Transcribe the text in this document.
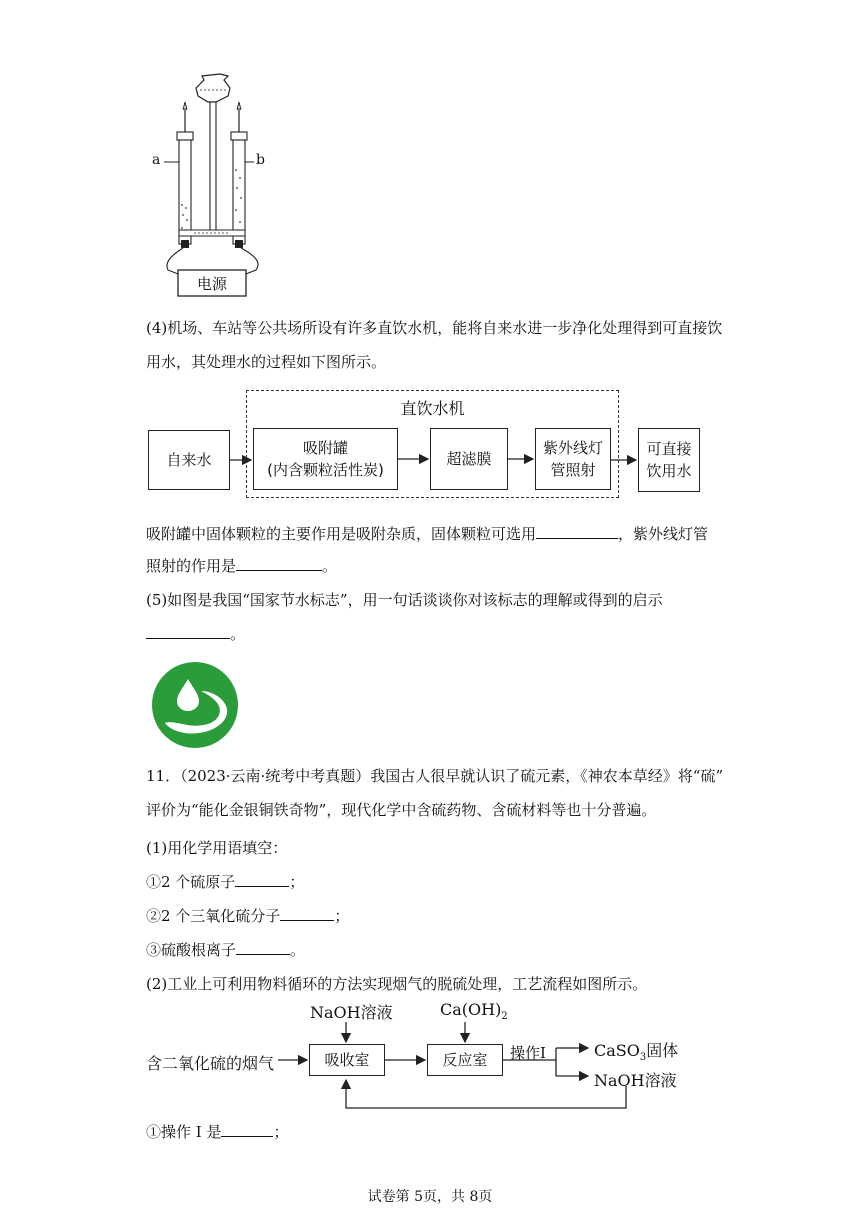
a	b
电源
(4)机场、车站等公共场所设有许多直饮水机，能将自来水进一步净化处理得到可直接饮
用水，其处理水的过程如下图所示。
直饮水机
自来水
吸附罐
(内含颗粒活性炭)
超滤膜
紫外线灯
管照射
可直接
饮用水
吸附罐中固体颗粒的主要作用是吸附杂质，固体颗粒可选用	，紫外线灯管
照射的作用是	。
(5)如图是我国“国家节水标志”，用一句话谈谈你对该标志的理解或得到的启示
。
11．（2023·云南·统考中考真题）我国古人很早就认识了硫元素，《神农本草经》将“硫”
评价为“能化金银铜铁奇物”，现代化学中含硫药物、含硫材料等也十分普遍。
(1)用化学用语填空：
①2 个硫原子	；
②2 个三氧化硫分子	；
③硫酸根离子	。
(2)工业上可利用物料循环的方法实现烟气的脱硫处理，工艺流程如图所示。
NaOH溶液	$Ca(OH)_2$
含二氧化硫的烟气	吸收室	反应室 操作I	CaSO$_3$固体
NaOH溶液
①操作 I 是	；
试卷第 5页，共 8页
